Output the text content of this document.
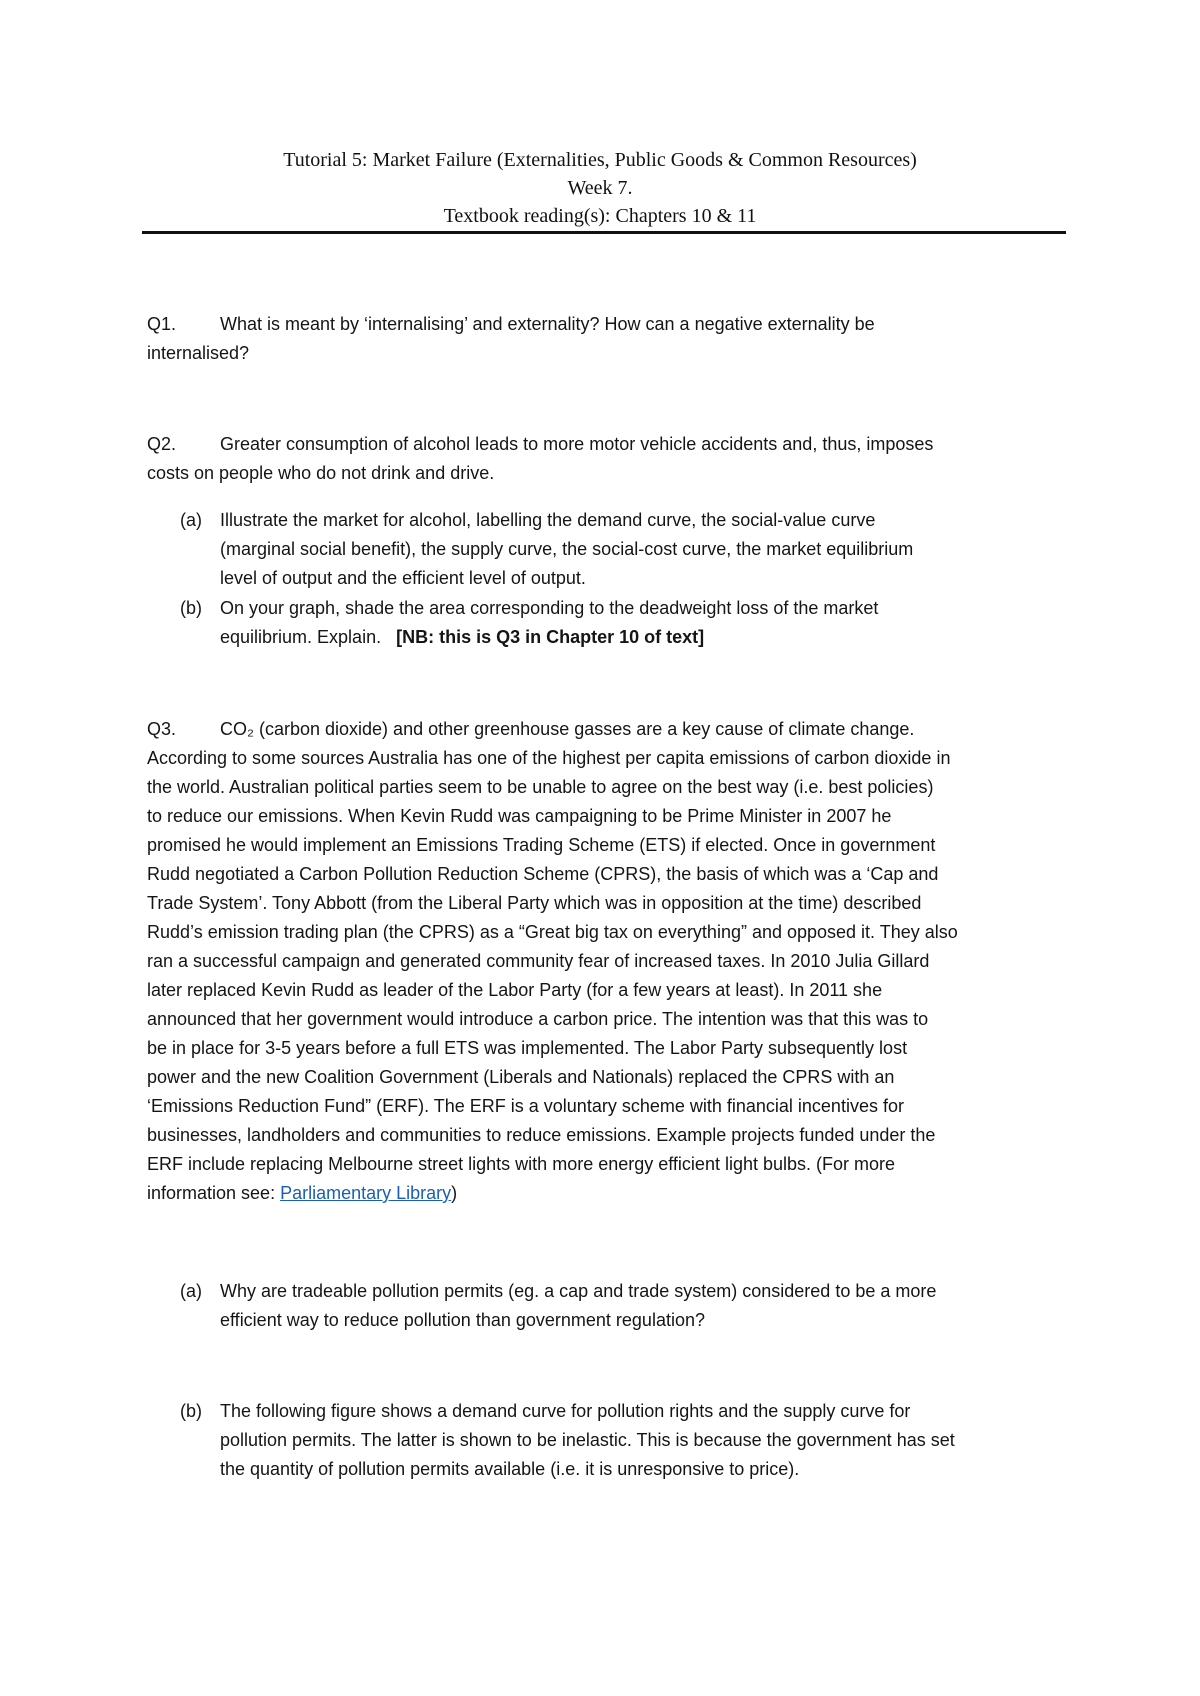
Tutorial 5: Market Failure (Externalities, Public Goods & Common Resources)
Week 7.
Textbook reading(s): Chapters 10 & 11
Q1. What is meant by ‘internalising’ and externality? How can a negative externality be
internalised?
Q2. Greater consumption of alcohol leads to more motor vehicle accidents and, thus, imposes
costs on people who do not drink and drive.
(a)	Illustrate the market for alcohol, labelling the demand curve, the social-value curve
(marginal social benefit), the supply curve, the social-cost curve, the market equilibrium
level of output and the efficient level of output.
(b)	On your graph, shade the area corresponding to the deadweight loss of the market
equilibrium. Explain. [NB: this is Q3 in Chapter 10 of text]
Q3. CO₂ (carbon dioxide) and other greenhouse gasses are a key cause of climate change.
According to some sources Australia has one of the highest per capita emissions of carbon dioxide in
the world. Australian political parties seem to be unable to agree on the best way (i.e. best policies)
to reduce our emissions. When Kevin Rudd was campaigning to be Prime Minister in 2007 he
promised he would implement an Emissions Trading Scheme (ETS) if elected. Once in government
Rudd negotiated a Carbon Pollution Reduction Scheme (CPRS), the basis of which was a ‘Cap and
Trade System’. Tony Abbott (from the Liberal Party which was in opposition at the time) described
Rudd’s emission trading plan (the CPRS) as a “Great big tax on everything” and opposed it. They also
ran a successful campaign and generated community fear of increased taxes. In 2010 Julia Gillard
later replaced Kevin Rudd as leader of the Labor Party (for a few years at least). In 2011 she
announced that her government would introduce a carbon price. The intention was that this was to
be in place for 3-5 years before a full ETS was implemented. The Labor Party subsequently lost
power and the new Coalition Government (Liberals and Nationals) replaced the CPRS with an
‘Emissions Reduction Fund” (ERF). The ERF is a voluntary scheme with financial incentives for
businesses, landholders and communities to reduce emissions. Example projects funded under the
ERF include replacing Melbourne street lights with more energy efficient light bulbs. (For more
information see: Parliamentary Library)
(a)	Why are tradeable pollution permits (eg. a cap and trade system) considered to be a more
efficient way to reduce pollution than government regulation?
(b)	The following figure shows a demand curve for pollution rights and the supply curve for
pollution permits. The latter is shown to be inelastic. This is because the government has set
the quantity of pollution permits available (i.e. it is unresponsive to price).
